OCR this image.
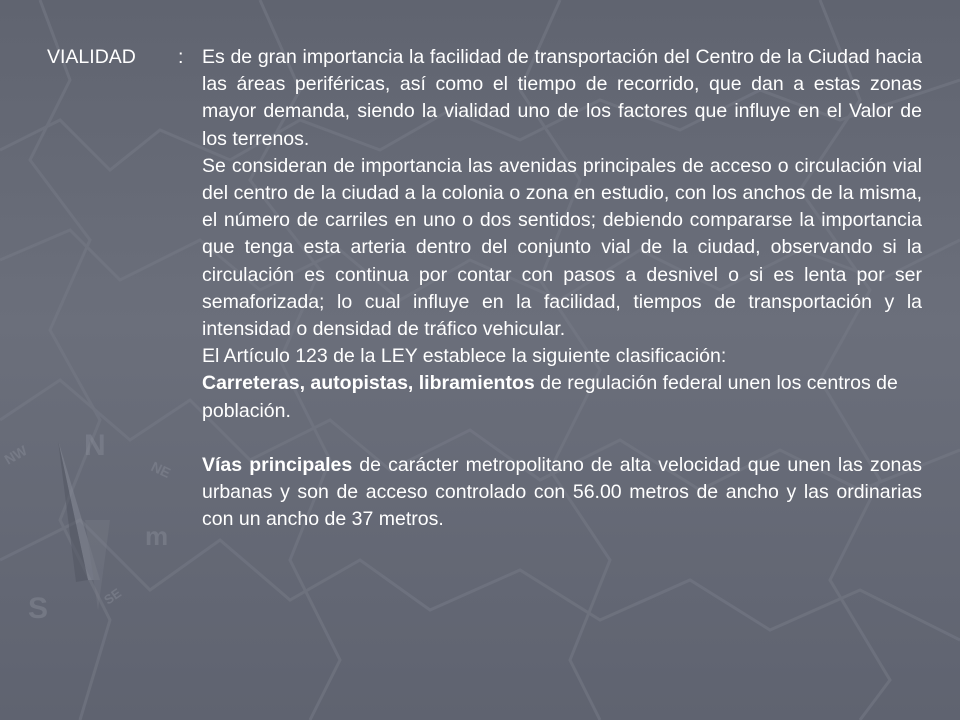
N
NE
NW
m
SE
S
VIALIDAD : Es de gran importancia la facilidad de transportación del Centro de la Ciudad hacia las áreas periféricas, así como el tiempo de recorrido, que dan a estas zonas mayor demanda, siendo la vialidad uno de los factores que influye en el Valor de los terrenos.

Se consideran de importancia las avenidas principales de acceso o circulación vial del centro de la ciudad a la colonia o zona en estudio, con los anchos de la misma, el número de carriles en uno o dos sentidos; debiendo compararse la importancia que tenga esta arteria dentro del conjunto vial de la ciudad, observando si la circulación es continua por contar con pasos a desnivel o si es lenta por ser semaforizada; lo cual influye en la facilidad, tiempos de transportación y la intensidad o densidad de tráfico vehicular.

El Artículo 123 de la LEY establece la siguiente clasificación:

Carreteras, autopistas, libramientos de regulación federal unen los centros de población.

Vías principales de carácter metropolitano de alta velocidad que unen las zonas urbanas y son de acceso controlado con 56.00 metros de ancho y las ordinarias con un ancho de 37 metros.
